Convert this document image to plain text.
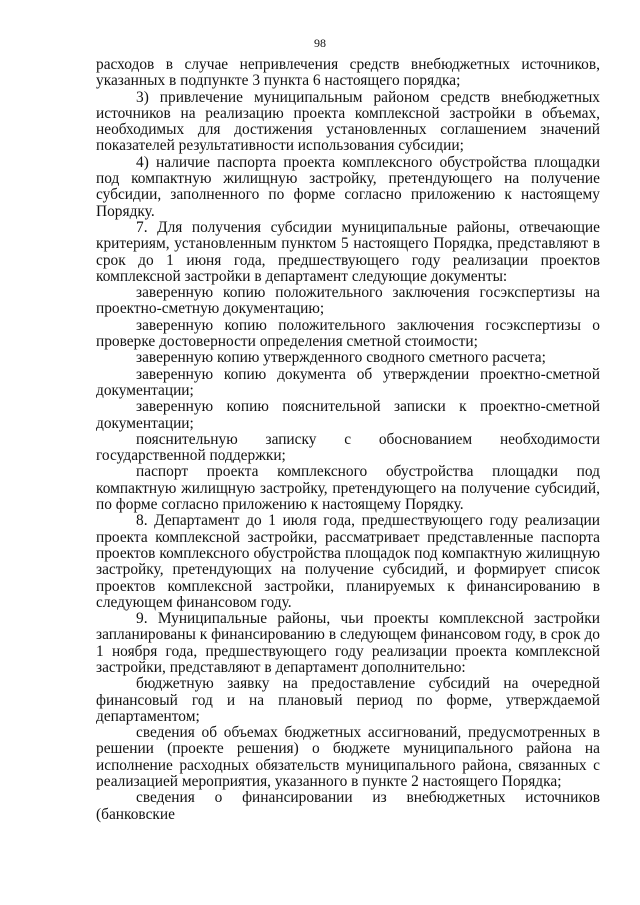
98

расходов в случае непривлечения средств внебюджетных источников, указанных в подпункте 3 пункта 6 настоящего порядка;

3) привлечение муниципальным районом средств внебюджетных источников на реализацию проекта комплексной застройки в объемах, необходимых для достижения установленных соглашением значений показателей результативности использования субсидии;

4) наличие паспорта проекта комплексного обустройства площадки под компактную жилищную застройку, претендующего на получение субсидии, заполненного по форме согласно приложению к настоящему Порядку.

7. Для получения субсидии муниципальные районы, отвечающие критериям, установленным пунктом 5 настоящего Порядка, представляют в срок до 1 июня года, предшествующего году реализации проектов комплексной застройки в департамент следующие документы:

заверенную копию положительного заключения госэкспертизы на проектно-сметную документацию;

заверенную копию положительного заключения госэкспертизы о проверке достоверности определения сметной стоимости;

заверенную копию утвержденного сводного сметного расчета;

заверенную копию документа об утверждении проектно-сметной документации;

заверенную копию пояснительной записки к проектно-сметной документации;

пояснительную записку с обоснованием необходимости государственной поддержки;

паспорт проекта комплексного обустройства площадки под компактную жилищную застройку, претендующего на получение субсидий, по форме согласно приложению к настоящему Порядку.

8. Департамент до 1 июля года, предшествующего году реализации проекта комплексной застройки, рассматривает представленные паспорта проектов комплексного обустройства площадок под компактную жилищную застройку, претендующих на получение субсидий, и формирует список проектов комплексной застройки, планируемых к финансированию в следующем финансовом году.

9. Муниципальные районы, чьи проекты комплексной застройки запланированы к финансированию в следующем финансовом году, в срок до 1 ноября года, предшествующего году реализации проекта комплексной застройки, представляют в департамент дополнительно:

бюджетную заявку на предоставление субсидий на очередной финансовый год и на плановый период по форме, утверждаемой департаментом;

сведения об объемах бюджетных ассигнований, предусмотренных в решении (проекте решения) о бюджете муниципального района на исполнение расходных обязательств муниципального района, связанных с реализацией мероприятия, указанного в пункте 2 настоящего Порядка;

сведения о финансировании из внебюджетных источников (банковские
